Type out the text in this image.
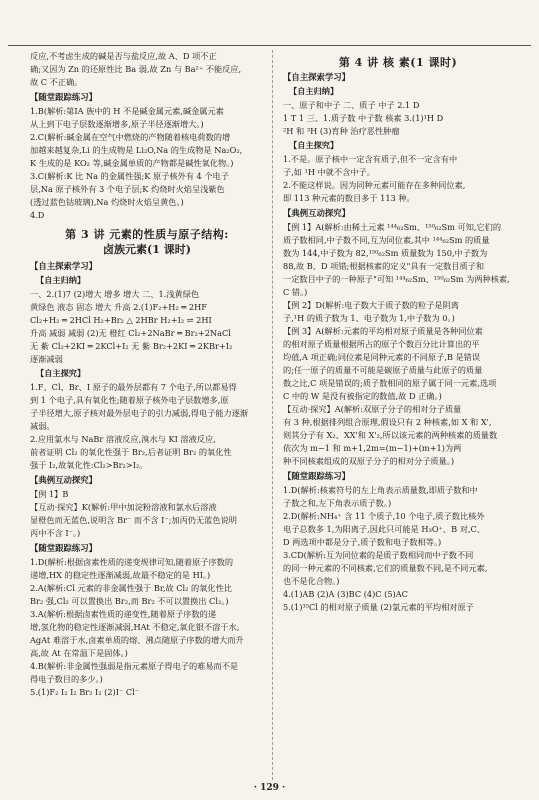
反应,不考虑生成的碱是否与盐反应,故 A、D 项不正
确;又因为 Zn 的还原性比 Ba 弱,故 Zn 与 Ba²⁺ 不能反应,
故 C 不正确。
【随堂跟踪练习】
1.B(解析:第ⅠA 族中的 H 不是碱金属元素,碱金属元素
从上到下电子层数逐渐增多,原子半径逐渐增大。)
2.C(解析:碱金属在空气中燃烧的产物随着核电荷数的增
加越来越复杂,Li 的生成物是 Li₂O,Na 的生成物是 Na₂O₂,
K 生成的是 KO₂ 等,碱金属单质的产物都是碱性氧化物。)
3.C(解析:K 比 Na 的金属性强;K 原子核外有 4 个电子
层,Na 原子核外有 3 个电子层;K 灼烧时火焰呈浅紫色
(透过蓝色钴玻璃),Na 灼烧时火焰呈黄色。)
4.D
第 3 讲 元素的性质与原子结构:
卤族元素(1 课时)
【自主探索学习】
【自主归纳】
一、2.(1)7 (2)增大 增多 增大 二、1.浅黄绿色
黄绿色 液态 固态 增大 升高 2.(1)F₂+H₂ ═ 2HF
Cl₂+H₂ ═ 2HCl H₂+Br₂ △ 2HBr H₂+I₂ ⇌ 2HI
升高 减弱 减弱 (2)无 橙红 Cl₂+2NaBr ═ Br₂+2NaCl
无 紫 Cl₂+2KI ═ 2KCl+I₂ 无 紫 Br₂+2KI ═ 2KBr+I₂
逐渐减弱
【自主探究】
1.F、Cl、Br、I 原子的最外层都有 7 个电子,所以都易得
到 1 个电子,具有氧化性;随着原子核外电子层数增多,原
子半径增大,原子核对最外层电子的引力减弱,得电子能力逐渐
减弱。
2.应用氯水与 NaBr 溶液反应,溴水与 KI 溶液反应,
前者证明 Cl₂ 的氧化性强于 Br₂,后者证明 Br₂ 的氧化性
强于 I₂,故氧化性:Cl₂>Br₂>I₂。
【典例互动探究】
【例 1】B
【互动·探究】K(解析:甲中加淀粉溶液和氯水后溶液
显橙色而无蓝色,说明含 Br⁻ 而不含 I⁻;加丙仍无蓝色说明
丙中不含 I⁻。)
【随堂跟踪练习】
1.D(解析:根据卤素性质的递变规律可知,随着原子序数的
递增,HX 的稳定性逐渐减弱,故最不稳定的是 HI。)
2.A(解析:Cl 元素的非金属性强于 Br,故 Cl₂ 的氧化性比
Br₂ 强,Cl₂ 可以置换出 Br₂,而 Br₂ 不可以置换出 Cl₂。)
3.A(解析:根据卤素性质的递变性,随着原子序数的递
增,氢化物的稳定性逐渐减弱,HAt 不稳定,氧化银不溶于水,
AgAt 难溶于水,卤素单质的熔、沸点随原子序数的增大而升
高,故 At 在常温下是固体。)
4.B(解析:非金属性强弱是指元素原子得电子的难易而不是
得电子数目的多少。)
5.(1)F₂ I₂ I₂ Br₂ I₂ (2)I⁻ Cl⁻
第 4 讲 核 素(1 课时)
【自主探索学习】
【自主归纳】
一、原子和中子 二、质子 中子 2.1 D
1 T 1 三、1.质子数 中子数 核素 3.(1)¹H D
²H 和 ³H (3)育种 治疗恶性肿瘤
【自主探究】
1.不是。原子核中一定含有质子,但不一定含有中
子,如 ¹H 中就不含中子。
2.不能这样说。因为同种元素可能存在多种同位素,
即 113 种元素的数目多于 113 种。
【典例互动探究】
【例 1】A(解析:由稀土元素 ¹⁴⁴₆₂Sm、¹⁵⁰₆₂Sm 可知,它们的
质子数相同,中子数不同,互为同位素,其中 ¹⁴⁴₆₂Sm 的质量
数为 144,中子数为 82,¹⁵⁰₆₂Sm 质量数为 150,中子数为
88,故 B、D 项错;根据核素的定义"具有一定数目质子和
一定数目中子的一种原子"可知 ¹⁴⁴₆₂Sm、¹⁵⁰₆₂Sm 为两种核素,
C 错。)
【例 2】D(解析:电子数大于质子数的粒子是阴离
子,¹H 的质子数为 1、电子数为 1,中子数为 0。)
【例 3】A(解析:元素的平均相对原子质量是各种同位素
的相对原子质量根据所占的原子个数百分比计算出的平
均值,A 项正确;同位素是同种元素的不同原子,B 是错误
的;任一原子的质量不可能是碳原子质量与此原子的质量
数之比,C 项是错误的;质子数相同的原子属于同一元素,选项
C 中的 W 是没有被指定的数值,故 D 正确。)
【互动·探究】A(解析:双原子分子的相对分子质量
有 3 种,根据排列组合原理,假设只有 2 种核素,如 X 和 X',
则其分子有 X₂、XX'和 X'₂,所以该元素的两种核素的质量数
依次为 m−1 和 m+1,2m=(m−1)+(m+1)为两
种不同核素组成的双原子分子的相对分子质量。)
【随堂跟踪练习】
1.D(解析:核素符号的左上角表示质量数,即质子数和中
子数之和,左下角表示质子数。)
2.D(解析:NH₄⁺ 含 11 个质子,10 个电子,质子数比核外
电子总数多 1,为阳离子,因此只可能是 H₃O⁺、B 对,C、
D 两选项中都是分子,质子数和电子数相等。)
3.CD(解析:互为同位素的是质子数相同而中子数不同
的同一种元素的不同核素,它们的质量数不同,是不同元素,
也不是化合物。)
4.(1)AB (2)A (3)BC (4)C (5)AC
5.(1)³⁵Cl 的相对原子质量 (2)氯元素的平均相对原子
· 129 ·
